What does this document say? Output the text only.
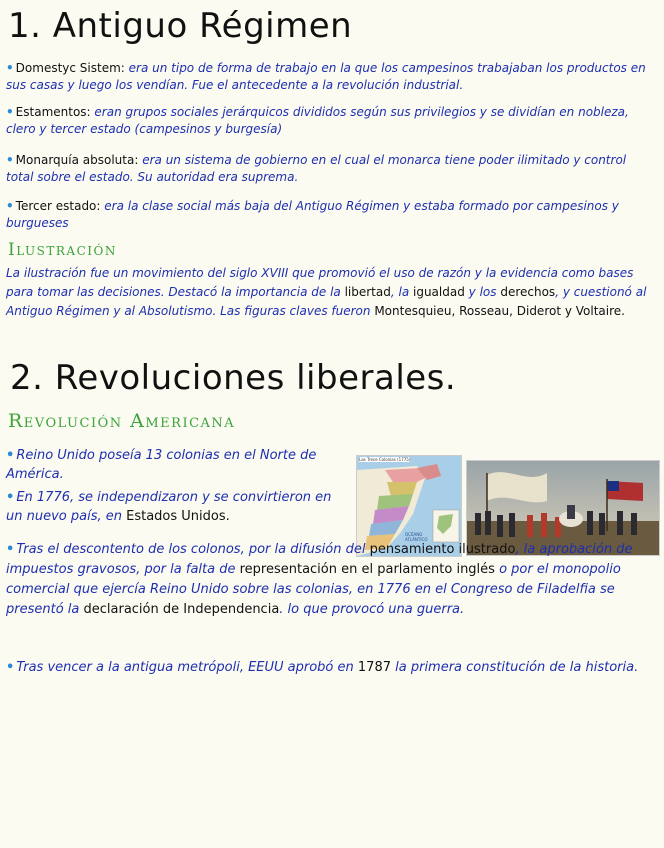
1. Antiguo Régimen
• Domestyc Sistem: era un tipo de forma de trabajo en la que los campesinos trabajaban los productos en sus casas y luego los vendían. Fue el antecedente a la revolución industrial.
• Estamentos: eran grupos sociales jerárquicos divididos según sus privilegios y se dividían en nobleza, clero y tercer estado (campesinos y burgesía)
• Monarquía absoluta: era un sistema de gobierno en el cual el monarca tiene poder ilimitado y control total sobre el estado. Su autoridad era suprema.
• Tercer estado: era la clase social más baja del Antiguo Régimen y estaba formado por campesinos y burgueses
Ilustración
La ilustración fue un movimiento del siglo XVIII que promovió el uso de razón y la evidencia como bases para tomar las decisiones. Destacó la importancia de la libertad, la igualdad y los derechos, y cuestionó al Antiguo Régimen y al Absolutismo. Las figuras claves fueron Montesquieu, Rosseau, Diderot y Voltaire.
2. Revoluciones liberales.
Revolución Americana
• Reino Unido poseía 13 colonias en el Norte de América.
• En 1776, se independizaron y se convirtieron en un nuevo país, en Estados Unidos.
Las Trece Colonias (1775)
OCÉANO ATLÁNTICO
• Tras el descontento de los colonos, por la difusión del pensamiento ilustrado, la aprobación de impuestos gravosos, por la falta de representación en el parlamento inglés o por el monopolio comercial que ejercía Reino Unido sobre las colonias, en 1776 en el Congreso de Filadelfia se presentó la declaración de Independencia. lo que provocó una guerra.
• Tras vencer a la antigua metrópoli, EEUU aprobó en 1787 la primera constitución de la historia.
